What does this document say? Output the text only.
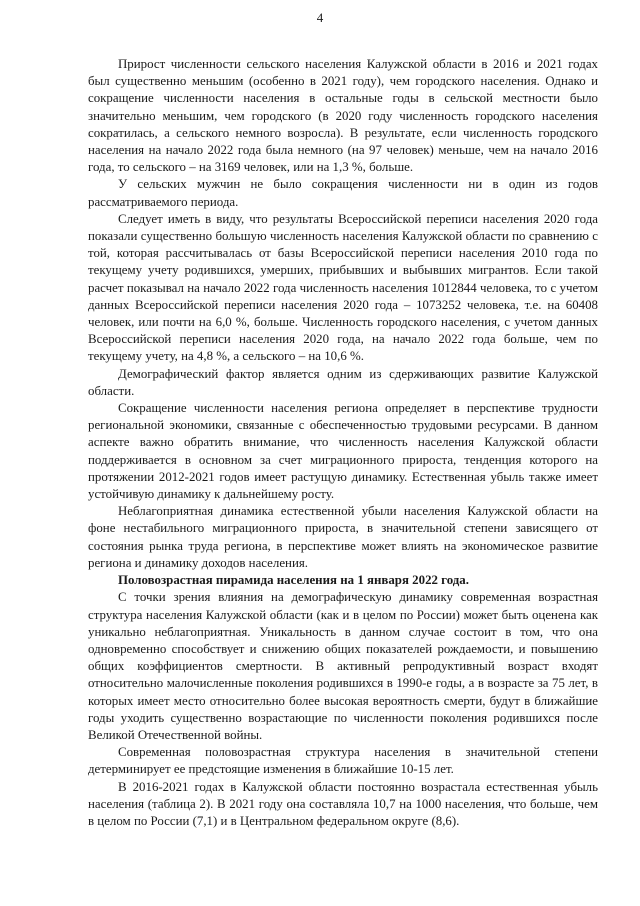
4

Прирост численности сельского населения Калужской области в 2016 и 2021 годах был существенно меньшим (особенно в 2021 году), чем городского населения. Однако и сокращение численности населения в остальные годы в сельской местности было значительно меньшим, чем городского (в 2020 году численность городского населения сократилась, а сельского немного возросла). В результате, если численность городского населения на начало 2022 года была немного (на 97 человек) меньше, чем на начало 2016 года, то сельского – на 3169 человек, или на 1,3 %, больше.

У сельских мужчин не было сокращения численности ни в один из годов рассматриваемого периода.

Следует иметь в виду, что результаты Всероссийской переписи населения 2020 года показали существенно большую численность населения Калужской области по сравнению с той, которая рассчитывалась от базы Всероссийской переписи населения 2010 года по текущему учету родившихся, умерших, прибывших и выбывших мигрантов. Если такой расчет показывал на начало 2022 года численность населения 1012844 человека, то с учетом данных Всероссийской переписи населения 2020 года – 1073252 человека, т.е. на 60408 человек, или почти на 6,0 %, больше. Численность городского населения, с учетом данных Всероссийской переписи населения 2020 года, на начало 2022 года больше, чем по текущему учету, на 4,8 %, а сельского – на 10,6 %.

Демографический фактор является одним из сдерживающих развитие Калужской области.

Сокращение численности населения региона определяет в перспективе трудности региональной экономики, связанные с обеспеченностью трудовыми ресурсами. В данном аспекте важно обратить внимание, что численность населения Калужской области поддерживается в основном за счет миграционного прироста, тенденция которого на протяжении 2012-2021 годов имеет растущую динамику. Естественная убыль также имеет устойчивую динамику к дальнейшему росту.

Неблагоприятная динамика естественной убыли населения Калужской области на фоне нестабильного миграционного прироста, в значительной степени зависящего от состояния рынка труда региона, в перспективе может влиять на экономическое развитие региона и динамику доходов населения.

Половозрастная пирамида населения на 1 января 2022 года.

С точки зрения влияния на демографическую динамику современная возрастная структура населения Калужской области (как и в целом по России) может быть оценена как уникально неблагоприятная. Уникальность в данном случае состоит в том, что она одновременно способствует и снижению общих показателей рождаемости, и повышению общих коэффициентов смертности. В активный репродуктивный возраст входят относительно малочисленные поколения родившихся в 1990-е годы, а в возрасте за 75 лет, в которых имеет место относительно более высокая вероятность смерти, будут в ближайшие годы уходить существенно возрастающие по численности поколения родившихся после Великой Отечественной войны.

Современная половозрастная структура населения в значительной степени детерминирует ее предстоящие изменения в ближайшие 10-15 лет.

В 2016-2021 годах в Калужской области постоянно возрастала естественная убыль населения (таблица 2). В 2021 году она составляла 10,7 на 1000 населения, что больше, чем в целом по России (7,1) и в Центральном федеральном округе (8,6).
